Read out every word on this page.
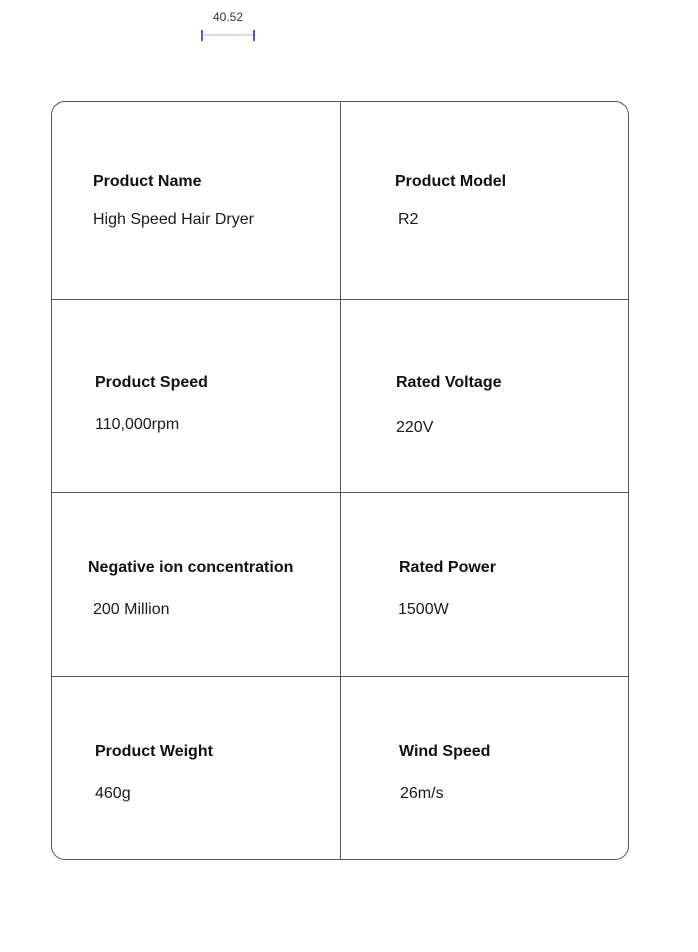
40.52
Product Name
High Speed Hair Dryer
Product Model
R2
Product Speed
110,000rpm
Rated Voltage
220V
Negative ion concentration
200 Million
Rated Power
1500W
Product Weight
460g
Wind Speed
26m/s
